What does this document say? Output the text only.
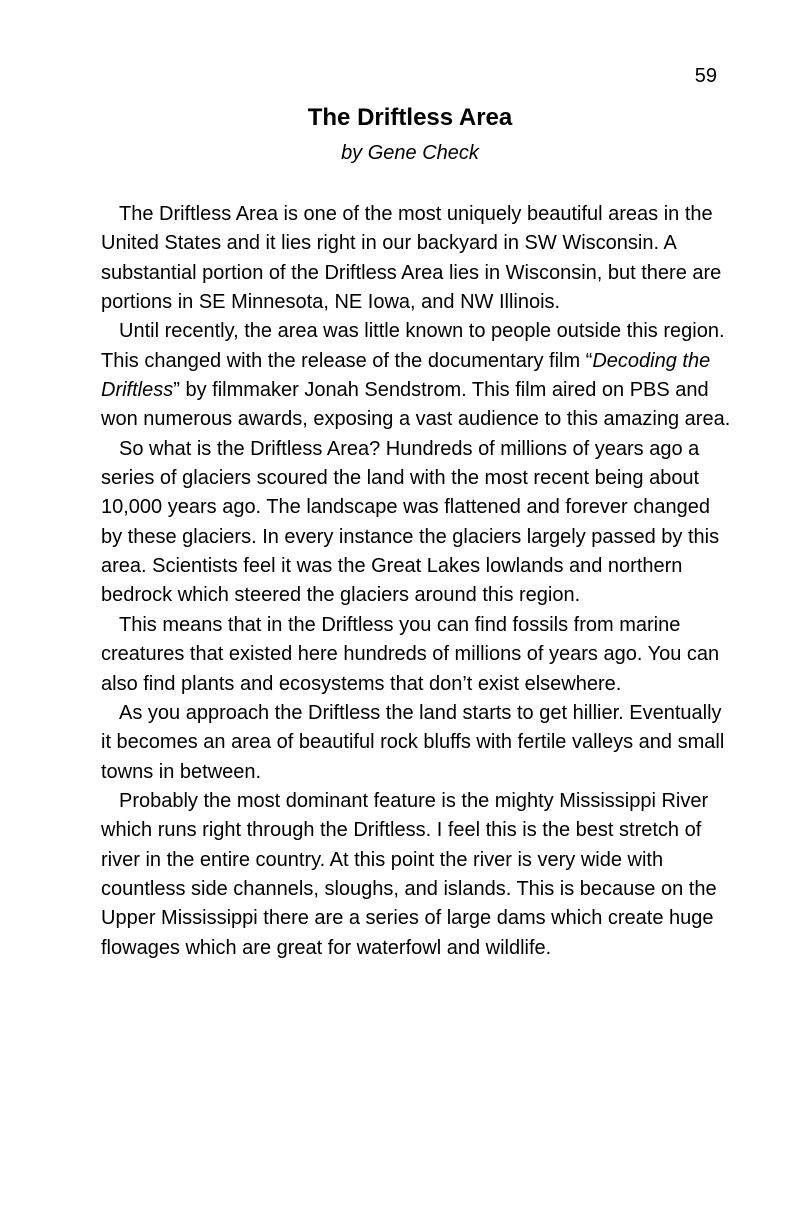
59
The Driftless Area
by Gene Check

The Driftless Area is one of the most uniquely beautiful areas in the United States and it lies right in our backyard in SW Wisconsin. A substantial portion of the Driftless Area lies in Wisconsin, but there are portions in SE Minnesota, NE Iowa, and NW Illinois.

Until recently, the area was little known to people outside this region. This changed with the release of the documentary film “Decoding the Driftless” by filmmaker Jonah Sendstrom. This film aired on PBS and won numerous awards, exposing a vast audience to this amazing area.

So what is the Driftless Area? Hundreds of millions of years ago a series of glaciers scoured the land with the most recent being about 10,000 years ago. The landscape was flattened and forever changed by these glaciers. In every instance the glaciers largely passed by this area. Scientists feel it was the Great Lakes lowlands and northern bedrock which steered the glaciers around this region.

This means that in the Driftless you can find fossils from marine creatures that existed here hundreds of millions of years ago. You can also find plants and ecosystems that don’t exist elsewhere.

As you approach the Driftless the land starts to get hillier. Eventually it becomes an area of beautiful rock bluffs with fertile valleys and small towns in between.

Probably the most dominant feature is the mighty Mississippi River which runs right through the Driftless. I feel this is the best stretch of river in the entire country. At this point the river is very wide with countless side channels, sloughs, and islands. This is because on the Upper Mississippi there are a series of large dams which create huge flowages which are great for waterfowl and wildlife.
